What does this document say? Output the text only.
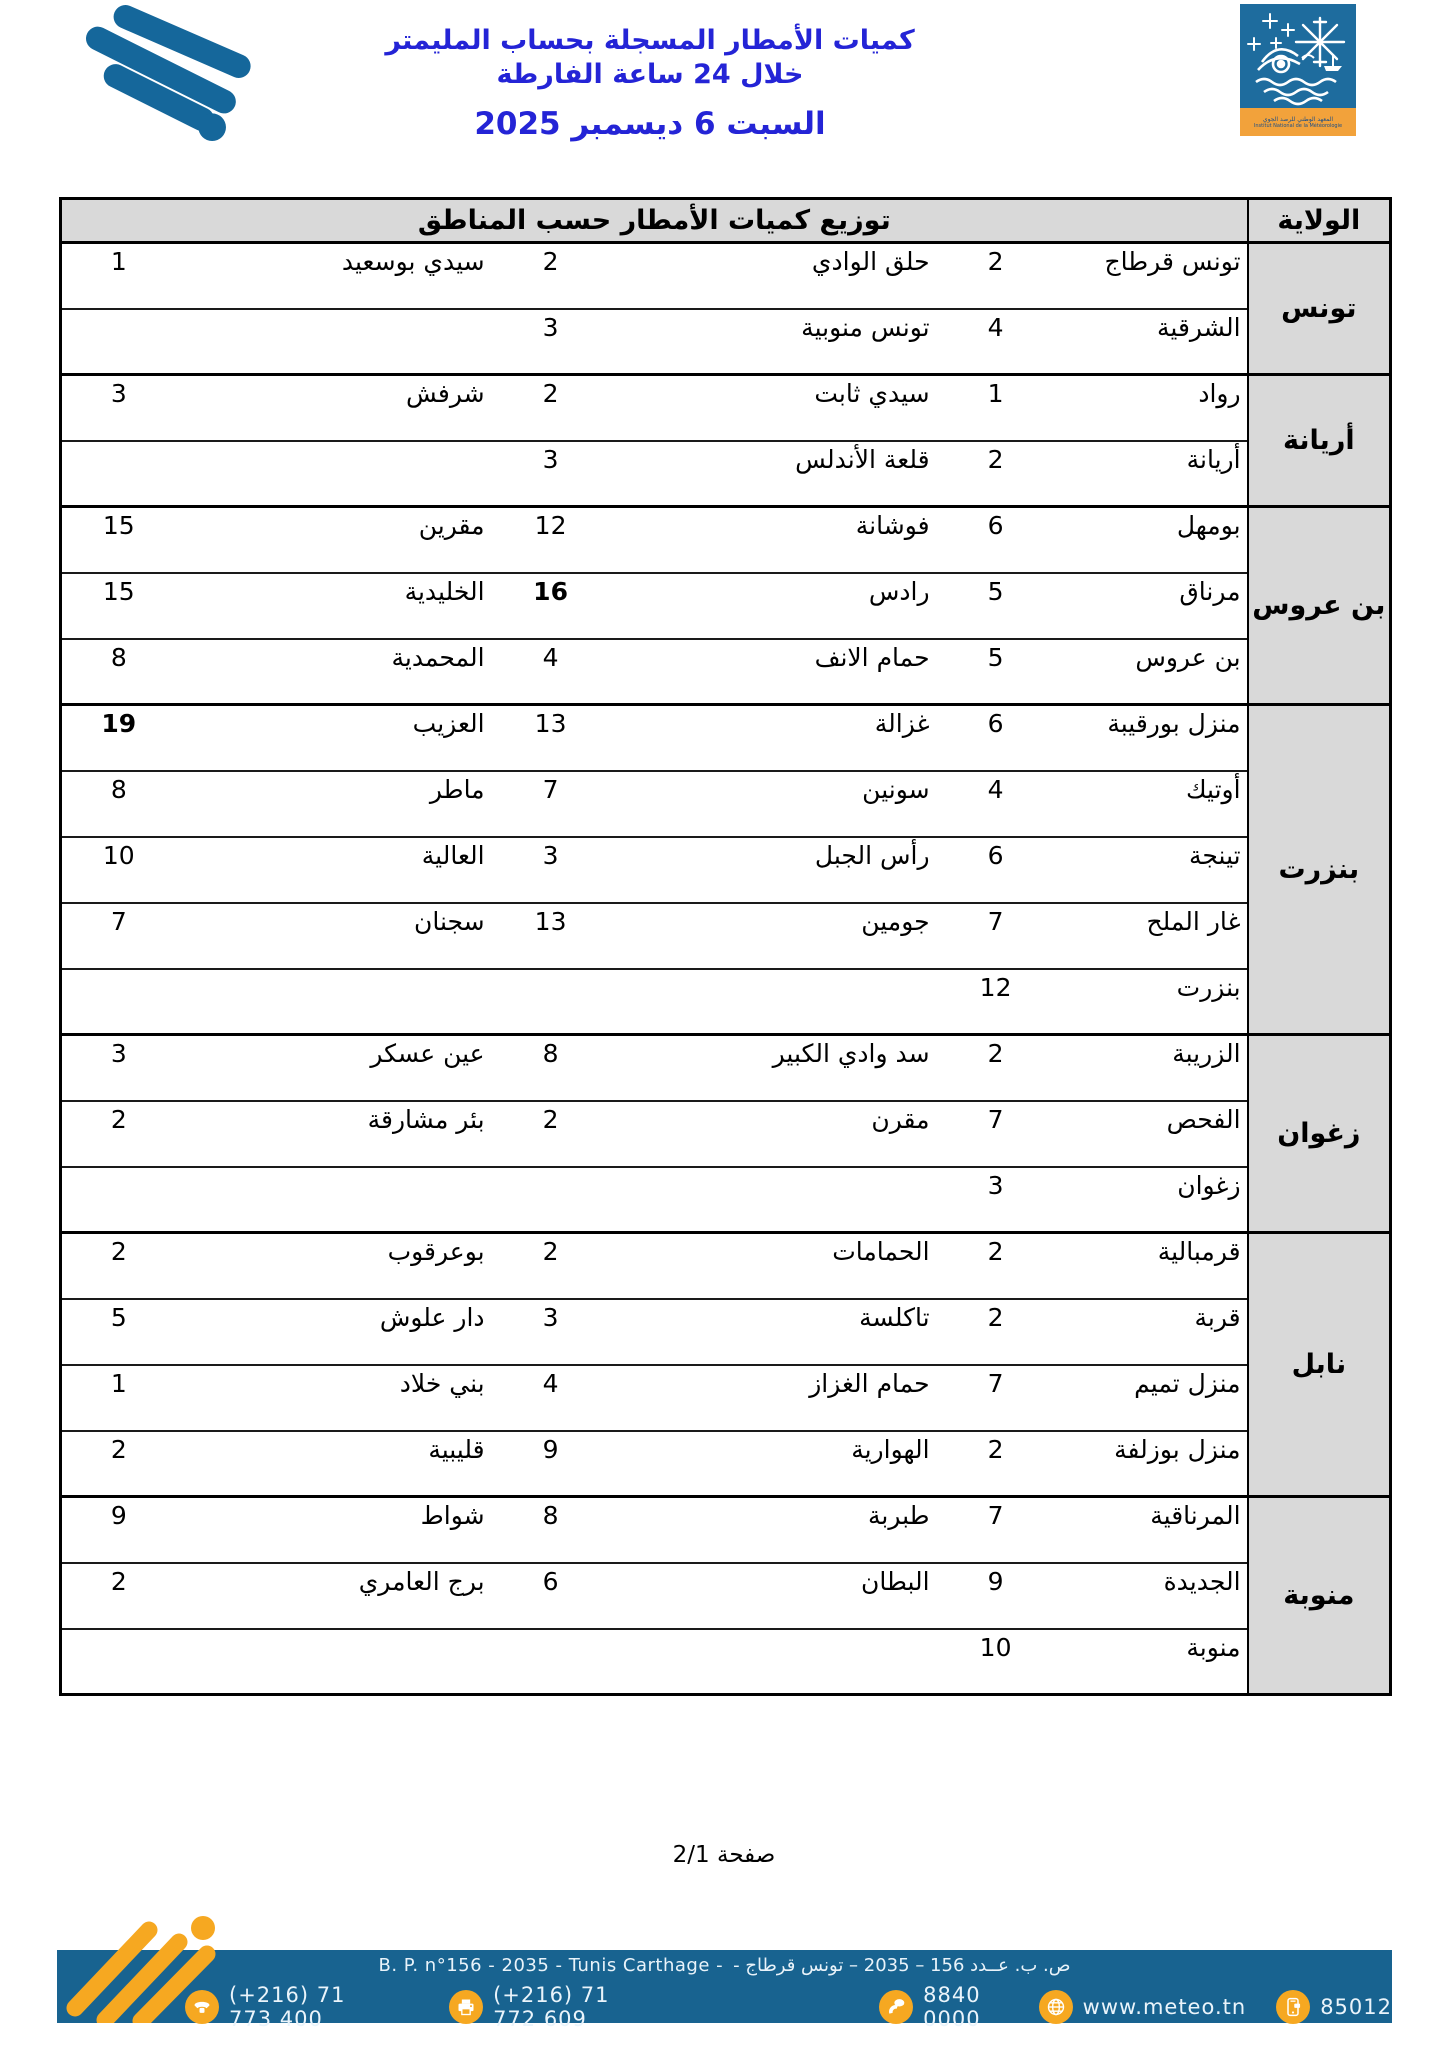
كميات الأمطار المسجلة بحساب المليمتر
خلال 24 ساعة الفارطة
السبت 6 ديسمبر 2025	المعهد الوطني للرصد الجوي
Institut National de la Météorologie
الولاية	توزيع كميات الأمطار حسب المناطق					
تونس	تونس قرطاج	2	حلق الوادي	2	سيدي بوسعيد	1
	الشرقية	4	تونس منوبية	3		
أريانة	رواد	1	سيدي ثابت	2	شرفش	3
	أريانة	2	قلعة الأندلس	3		
بن عروس	بومهل	6	فوشانة	12	مقرين	15
	مرناق	5	رادس	16	الخليدية	15
	بن عروس	5	حمام الانف	4	المحمدية	8
بنزرت	منزل بورقيبة	6	غزالة	13	العزيب	19
	أوتيك	4	سونين	7	ماطر	8
	تينجة	6	رأس الجبل	3	العالية	10
	غار الملح	7	جومين	13	سجنان	7
	بنزرت	12				
زغوان	الزريبة	2	سد وادي الكبير	8	عين عسكر	3
	الفحص	7	مقرن	2	بئر مشارقة	2
	زغوان	3				
نابل	قرمبالية	2	الحمامات	2	بوعرقوب	2
	قربة	2	تاكلسة	3	دار علوش	5
	منزل تميم	7	حمام الغزاز	4	بني خلاد	1
	منزل بوزلفة	2	الهوارية	9	قليبية	2
منوبة	المرناقية	7	طبربة	8	شواط	9
	الجديدة	9	البطان	6	برج العامري	2
	منوبة	10				
صفحة 2/1
B. P. n°156 - 2035 - Tunis Carthage - ص. ب. عــدد 156 – 2035 – تونس قرطاج -
(+216) 71 773 400
(+216) 71 772 609
8840 0000	www.meteo.tn	85012
